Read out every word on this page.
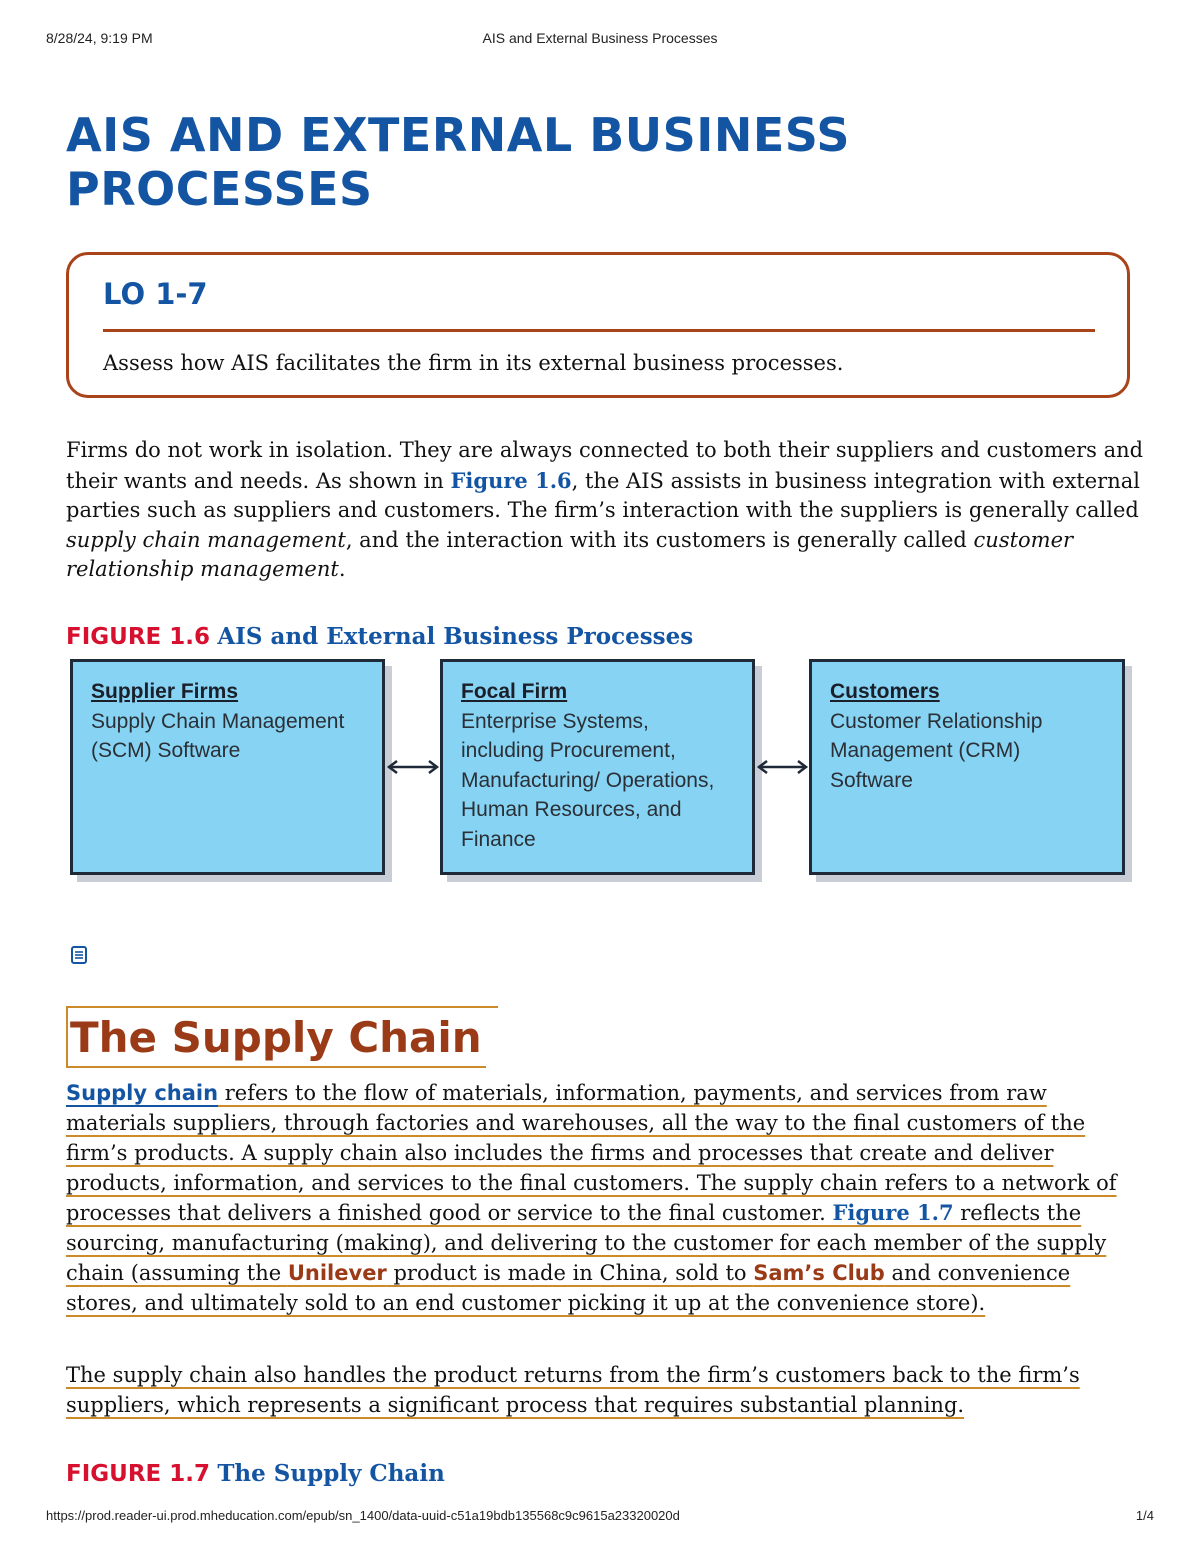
8/28/24, 9:19 PM	AIS and External Business Processes
AIS AND EXTERNAL BUSINESS PROCESSES
LO 1-7

Assess how AIS facilitates the firm in its external business processes.

Firms do not work in isolation. They are always connected to both their suppliers and customers and their wants and needs. As shown in Figure 1.6, the AIS assists in business integration with external parties such as suppliers and customers. The firm’s interaction with the suppliers is generally called supply chain management, and the interaction with its customers is generally called customer relationship management.

FIGURE 1.6 AIS and External Business Processes

Supplier Firms
Supply Chain Management (SCM) Software
Focal Firm
Enterprise Systems, including Procurement, Manufacturing/ Operations, Human Resources, and Finance
Customers
Customer Relationship Management (CRM) Software
The Supply Chain

Supply chain refers to the flow of materials, information, payments, and services from raw materials suppliers, through factories and warehouses, all the way to the final customers of the firm’s products. A supply chain also includes the firms and processes that create and deliver products, information, and services to the final customers. The supply chain refers to a network of processes that delivers a finished good or service to the final customer. Figure 1.7 reflects the sourcing, manufacturing (making), and delivering to the customer for each member of the supply chain (assuming the Unilever product is made in China, sold to Sam’s Club and convenience stores, and ultimately sold to an end customer picking it up at the convenience store).

The supply chain also handles the product returns from the firm’s customers back to the firm’s suppliers, which represents a significant process that requires substantial planning.

FIGURE 1.7 The Supply Chain

https://prod.reader-ui.prod.mheducation.com/epub/sn_1400/data-uuid-c51a19bdb135568c9c9615a23320020d	1/4
